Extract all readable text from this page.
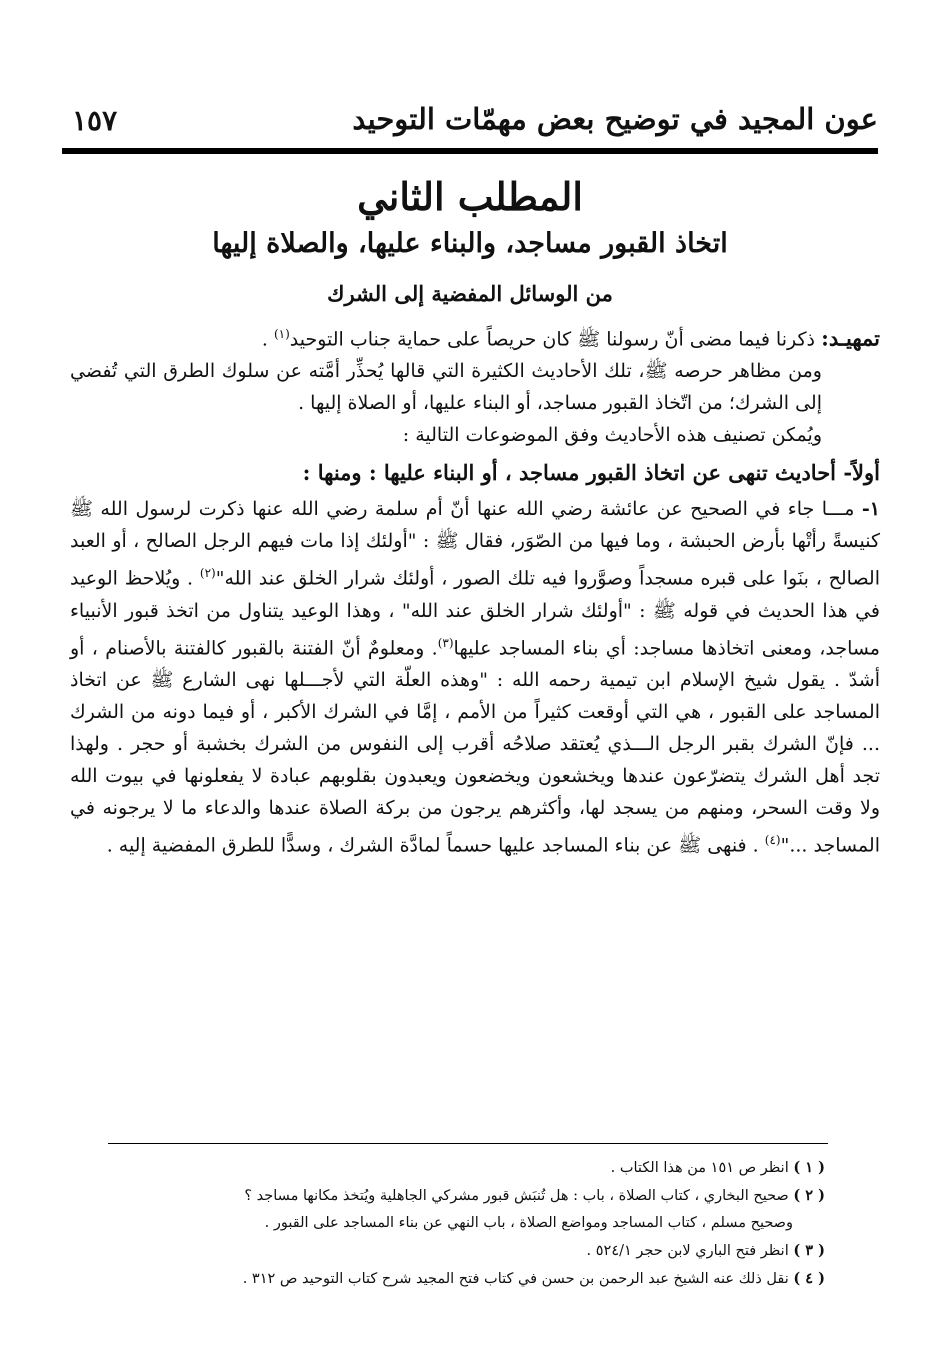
عون المجيد في توضيح بعض مهمّات التوحيد
١٥٧
المطلب الثاني
اتخاذ القبور مساجد، والبناء عليها، والصلاة إليها
من الوسائل المفضية إلى الشرك

تمهيـد: ذكرنا فيما مضى أنّ رسولنا ﷺ كان حريصاً على حماية جناب التوحيد$^{(١)}$ .

ومن مظاهر حرصه ﷺ، تلك الأحاديث الكثيرة التي قالها يُحذِّر أمَّته عن سلوك الطرق التي تُفضي إلى الشرك؛ من اتّخاذ القبور مساجد، أو البناء عليها، أو الصلاة إليها .

ويُمكن تصنيف هذه الأحاديث وفق الموضوعات التالية :

أولاً- أحاديث تنهى عن اتخاذ القبور مساجد ، أو البناء عليها : ومنها :

١- مـــا جاء في الصحيح عن عائشة رضي الله عنها أنّ أم سلمة رضي الله عنها ذكرت لرسول الله ﷺ كنيسةً رأتْها بأرض الحبشة ، وما فيها من الصّوَر، فقال ﷺ : "أولئك إذا مات فيهم الرجل الصالح ، أو العبد الصالح ، بنَوا على قبره مسجداً وصوَّروا فيه تلك الصور ، أولئك شرار الخلق عند الله"$^{(٢)}$ . ويُلاحظ الوعيد في هذا الحديث في قوله ﷺ : "أولئك شرار الخلق عند الله" ، وهذا الوعيد يتناول من اتخذ قبور الأنبياء مساجد، ومعنى اتخاذها مساجد: أي بناء المساجد عليها$^{(٣)}$. ومعلومٌ أنّ الفتنة بالقبور كالفتنة بالأصنام ، أو أشدّ . يقول شيخ الإسلام ابن تيمية رحمه الله : "وهذه العلّة التي لأجـــلها نهى الشارع ﷺ عن اتخاذ المساجد على القبور ، هي التي أوقعت كثيراً من الأمم ، إمَّا في الشرك الأكبر ، أو فيما دونه من الشرك ... فإنّ الشرك بقبر الرجل الـــذي يُعتقد صلاحُه أقرب إلى النفوس من الشرك بخشبة أو حجر . ولهذا تجد أهل الشرك يتضرّعون عندها ويخشعون ويخضعون ويعبدون بقلوبهم عبادة لا يفعلونها في بيوت الله ولا وقت السحر، ومنهم من يسجد لها، وأكثرهم يرجون من بركة الصلاة عندها والدعاء ما لا يرجونه في المساجد ..."$^{(٤)}$ . فنهى ﷺ عن بناء المساجد عليها حسماً لمادَّة الشرك ، وسدًّا للطرق المفضية إليه .

( ١ ) انظر ص ١٥١ من هذا الكتاب .
( ٢ ) صحيح البخاري ، كتاب الصلاة ، باب : هل تُنبَش قبور مشركي الجاهلية ويُتخذ مكانها مساجد ؟
وصحيح مسلم ، كتاب المساجد ومواضع الصلاة ، باب النهي عن بناء المساجد على القبور .
( ٣ ) انظر فتح الباري لابن حجر ٥٢٤/١ .
( ٤ ) نقل ذلك عنه الشيخ عبد الرحمن بن حسن في كتاب فتح المجيد شرح كتاب التوحيد ص ٣١٢ .
